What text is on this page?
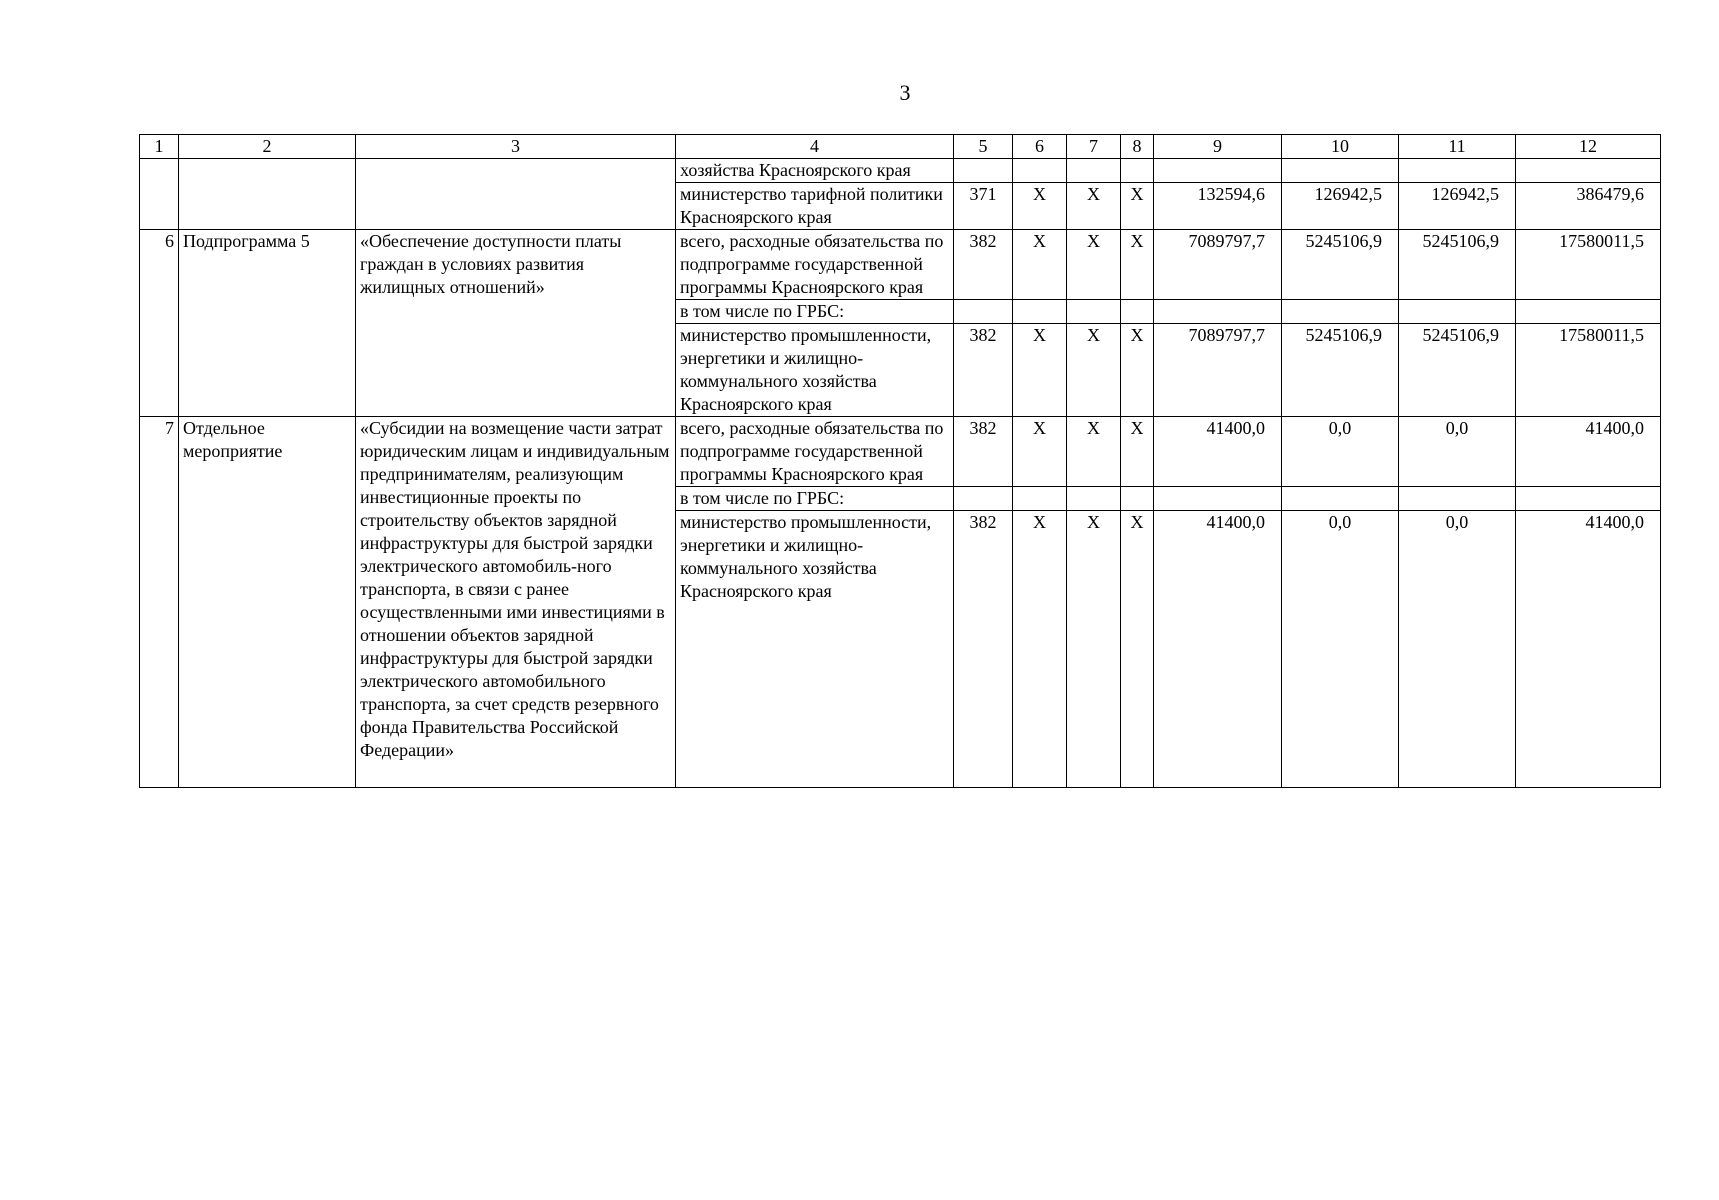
3
1	2	3	4	5	6	7	8	9	10	11	12
			хозяйства Красноярского края								
			министерство тарифной политики Красноярского края	371	Х	Х	Х	132594,6	126942,5	126942,5	386479,6
6	Подпрограмма 5	«Обеспечение доступности платы граждан в условиях развития жилищных отношений»	всего, расходные обязательства по подпрограмме государственной программы Красноярского края	382	Х	Х	Х	7089797,7	5245106,9	5245106,9	17580011,5
			в том числе по ГРБС:								
			министерство промышленности, энергетики и жилищно-коммунального хозяйства Красноярского края	382	Х	Х	Х	7089797,7	5245106,9	5245106,9	17580011,5
7	Отдельное мероприятие	«Субсидии на возмещение части затрат юридическим лицам и индивидуальным предпринимателям, реализующим инвестиционные проекты по строительству объектов зарядной инфраструктуры для быстрой зарядки электрического автомобиль-ного транспорта, в связи с ранее осуществленными ими инвестициями в отношении объектов зарядной инфраструктуры для быстрой зарядки электрического автомобильного транспорта, за счет средств резервного фонда Правительства Российской Федерации»	всего, расходные обязательства по подпрограмме государственной программы Красноярского края	382	Х	Х	Х	41400,0	0,0	0,0	41400,0
			в том числе по ГРБС:								
			министерство промышленности, энергетики и жилищно-коммунального хозяйства Красноярского края	382	Х	Х	Х	41400,0	0,0	0,0	41400,0
